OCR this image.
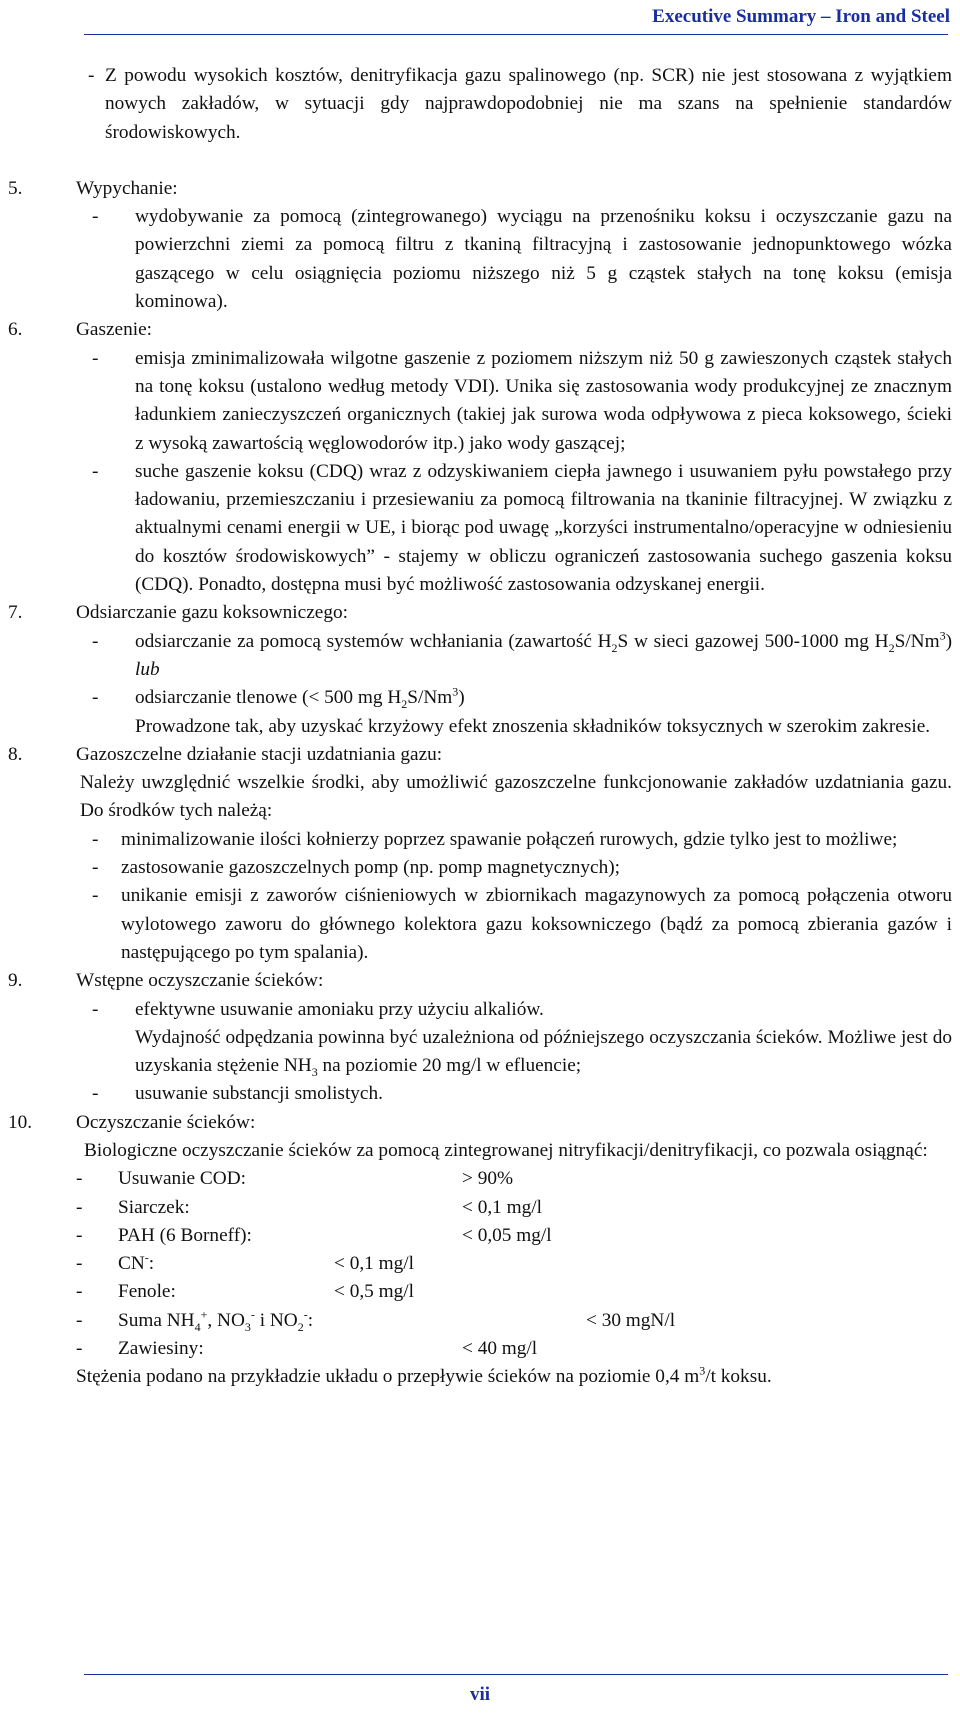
Executive Summary – Iron and Steel
- Z powodu wysokich kosztów, denitryfikacja gazu spalinowego (np. SCR) nie jest stosowana z wyjątkiem nowych zakładów, w sytuacji gdy najprawdopodobniej nie ma szans na spełnienie standardów środowiskowych.
5.	Wypychanie:
- wydobywanie za pomocą (zintegrowanego) wyciągu na przenośniku koksu i oczyszczanie gazu na powierzchni ziemi za pomocą filtru z tkaniną filtracyjną i zastosowanie jednopunktowego wózka gaszącego w celu osiągnięcia poziomu niższego niż 5 g cząstek stałych na tonę koksu (emisja kominowa).
6.	Gaszenie:
- emisja zminimalizowała wilgotne gaszenie z poziomem niższym niż 50 g zawieszonych cząstek stałych na tonę koksu (ustalono według metody VDI). Unika się zastosowania wody produkcyjnej ze znacznym ładunkiem zanieczyszczeń organicznych (takiej jak surowa woda odpływowa z pieca koksowego, ścieki z wysoką zawartością węglowodorów itp.) jako wody gaszącej;
- suche gaszenie koksu (CDQ) wraz z odzyskiwaniem ciepła jawnego i usuwaniem pyłu powstałego przy ładowaniu, przemieszczaniu i przesiewaniu za pomocą filtrowania na tkaninie filtracyjnej. W związku z aktualnymi cenami energii w UE, i biorąc pod uwagę „korzyści instrumentalno/operacyjne w odniesieniu do kosztów środowiskowych” - stajemy w obliczu ograniczeń zastosowania suchego gaszenia koksu (CDQ). Ponadto, dostępna musi być możliwość zastosowania odzyskanej energii.
7.	Odsiarczanie gazu koksowniczego:
- odsiarczanie za pomocą systemów wchłaniania (zawartość $H_2S$ w sieci gazowej 500-1000 mg $H_2S/Nm^3$) lub
- odsiarczanie tlenowe (< 500 mg $H_2S/Nm^3$)
Prowadzone tak, aby uzyskać krzyżowy efekt znoszenia składników toksycznych w szerokim zakresie.
8.	Gazoszczelne działanie stacji uzdatniania gazu:
Należy uwzględnić wszelkie środki, aby umożliwić gazoszczelne funkcjonowanie zakładów uzdatniania gazu. Do środków tych należą:
- minimalizowanie ilości kołnierzy poprzez spawanie połączeń rurowych, gdzie tylko jest to możliwe;
- zastosowanie gazoszczelnych pomp (np. pomp magnetycznych);
- unikanie emisji z zaworów ciśnieniowych w zbiornikach magazynowych za pomocą połączenia otworu wylotowego zaworu do głównego kolektora gazu koksowniczego (bądź za pomocą zbierania gazów i następującego po tym spalania).
9.	Wstępne oczyszczanie ścieków:
- efektywne usuwanie amoniaku przy użyciu alkaliów.
Wydajność odpędzania powinna być uzależniona od późniejszego oczyszczania ścieków. Możliwe jest do uzyskania stężenie $NH_3$ na poziomie 20 mg/l w efluencie;
- usuwanie substancji smolistych.
10. Oczyszczanie ścieków:
Biologiczne oczyszczanie ścieków za pomocą zintegrowanej nitryfikacji/denitryfikacji, co pozwala osiągnąć:
- Usuwanie COD:	> 90%
- Siarczek:	< 0,1 mg/l
- PAH (6 Borneff):	< 0,05 mg/l
- CN-:	< 0,1 mg/l
- Fenole:	< 0,5 mg/l
- Suma $NH_4^+$, $NO_3^-$ i $NO_2^-$:	< 30 mgN/l
- Zawiesiny:	< 40 mg/l
Stężenia podano na przykładzie układu o przepływie ścieków na poziomie 0,4 $m^3/t$ koksu.
vii
